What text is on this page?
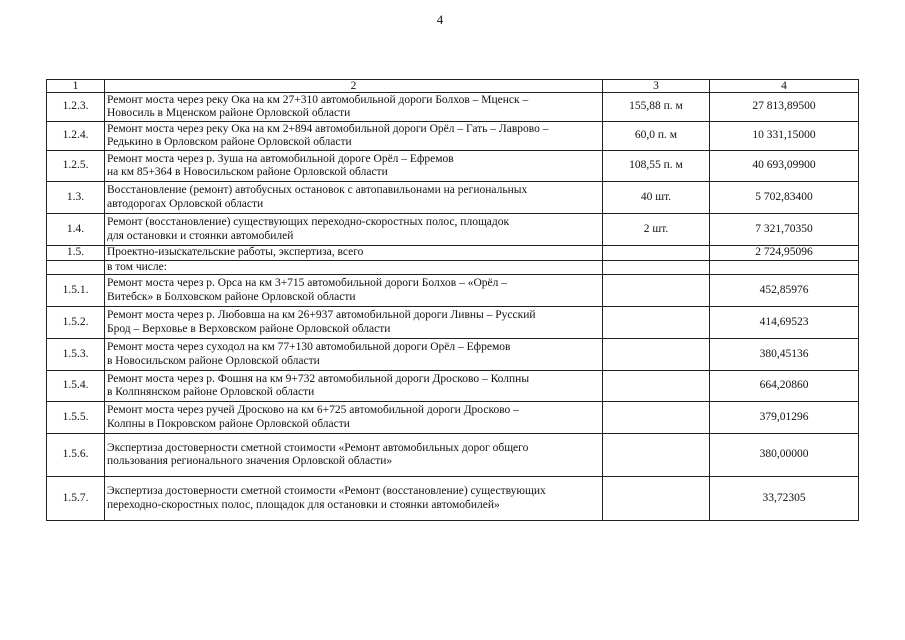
4
1	2	3	4
1.2.3.	Ремонт моста через реку Ока на км 27+310 автомобильной дороги Болхов – Мценск –
Новосиль в Мценском районе Орловской области	155,88 п. м	27 813,89500
1.2.4.	Ремонт моста через реку Ока на км 2+894 автомобильной дороги Орёл – Гать – Лаврово –
Редькино в Орловском районе Орловской области	60,0 п. м	10 331,15000
1.2.5.	Ремонт моста через р. Зуша на автомобильной дороге Орёл – Ефремов
на км 85+364 в Новосильском районе Орловской области	108,55 п. м	40 693,09900
1.3.	Восстановление (ремонт) автобусных остановок с автопавильонами на региональных
автодорогах Орловской области	40 шт.	5 702,83400
1.4.	Ремонт (восстановление) существующих переходно-скоростных полос, площадок
для остановки и стоянки автомобилей	2 шт.	7 321,70350
1.5.	Проектно-изыскательские работы, экспертиза, всего		2 724,95096

	в том числе:		

1.5.1.	Ремонт моста через р. Орса на км 3+715 автомобильной дороги Болхов – «Орёл –
Витебск» в Болховском районе Орловской области		452,85976
1.5.2.	Ремонт моста через р. Любовша на км 26+937 автомобильной дороги Ливны – Русский
Брод – Верховье в Верховском районе Орловской области		414,69523
1.5.3.	Ремонт моста через суходол на км 77+130 автомобильной дороги Орёл – Ефремов
в Новосильском районе Орловской области		380,45136
1.5.4.	Ремонт моста через р. Фошня на км 9+732 автомобильной дороги Дросково – Колпны
в Колпнянском районе Орловской области		664,20860
1.5.5.	Ремонт моста через ручей Дросково на км 6+725 автомобильной дороги Дросково –
Колпны в Покровском районе Орловской области		379,01296
1.5.6.	Экспертиза достоверности сметной стоимости «Ремонт автомобильных дорог общего
пользования регионального значения Орловской области»		380,00000
1.5.7.	Экспертиза достоверности сметной стоимости «Ремонт (восстановление) существующих
переходно-скоростных полос, площадок для остановки и стоянки автомобилей»		33,72305
